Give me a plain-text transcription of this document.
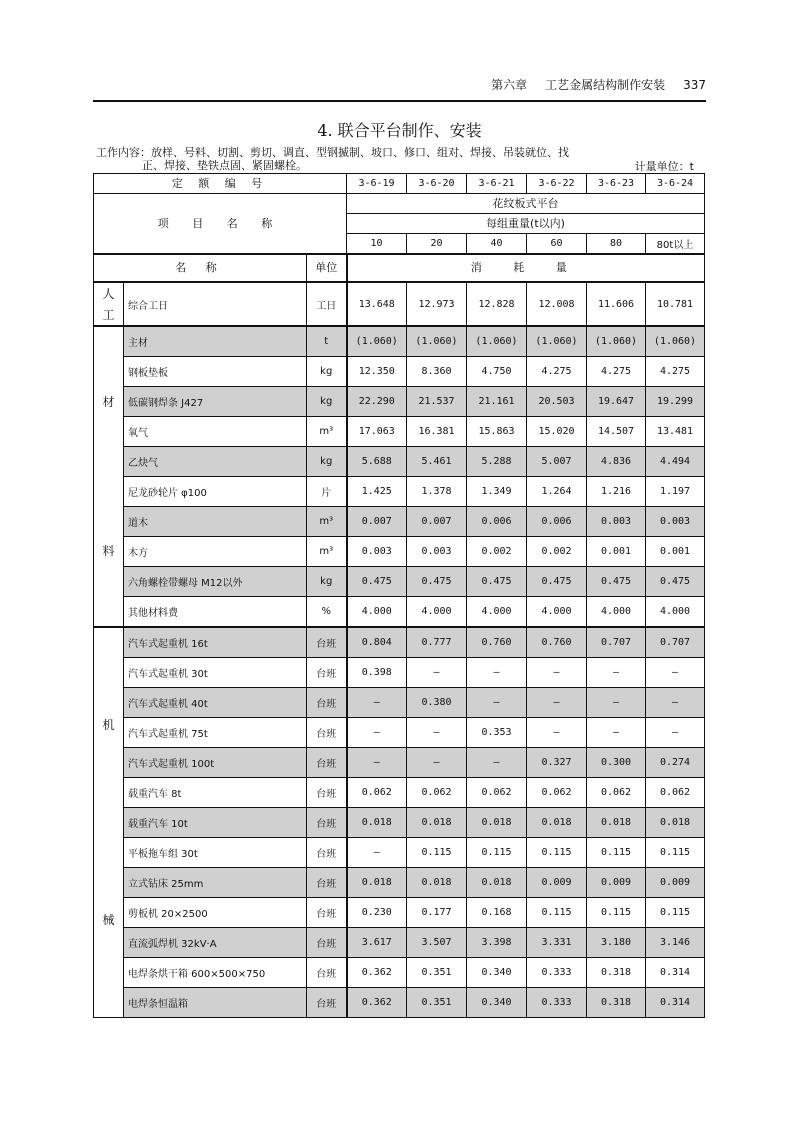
第六章 工艺金属结构制作安装 337
4. 联合平台制作、安装
工作内容：放样、号料、切割、剪切、调直、型钢揻制、坡口、修口、组对、焊接、吊装就位、找
正、焊接、垫铁点固、紧固螺栓。	计量单位：t
定 额 编 号			3-6-19	3-6-20	3-6-21	3-6-22	3-6-23	3-6-24
项 目 名 称			花纹板式平台					
			每组重量(t以内)					
			10	20	40	60	80	80t以上
名 称		单位	消 耗 量					

人
工	综合工日	工日	13.648	12.973	12.828	12.008	11.606	10.781

材
料	主材	t	(1.060)	(1.060)	(1.060)	(1.060)	(1.060)	(1.060)
	钢板垫板	kg	12.350	8.360	4.750	4.275	4.275	4.275
	低碳钢焊条 J427	kg	22.290	21.537	21.161	20.503	19.647	19.299
	氧气	m³	17.063	16.381	15.863	15.020	14.507	13.481
	乙炔气	kg	5.688	5.461	5.288	5.007	4.836	4.494
	尼龙砂轮片 φ100	片	1.425	1.378	1.349	1.264	1.216	1.197
	道木	m³	0.007	0.007	0.006	0.006	0.003	0.003
	木方	m³	0.003	0.003	0.002	0.002	0.001	0.001
	六角螺栓带螺母 M12以外	kg	0.475	0.475	0.475	0.475	0.475	0.475
	其他材料费	%	4.000	4.000	4.000	4.000	4.000	4.000

机
械	汽车式起重机 16t	台班	0.804	0.777	0.760	0.760	0.707	0.707
	汽车式起重机 30t	台班	0.398	—	—	—	—	—
	汽车式起重机 40t	台班	—	0.380	—	—	—	—
	汽车式起重机 75t	台班	—	—	0.353	—	—	—
	汽车式起重机 100t	台班	—	—	—	0.327	0.300	0.274
	载重汽车 8t	台班	0.062	0.062	0.062	0.062	0.062	0.062
	载重汽车 10t	台班	0.018	0.018	0.018	0.018	0.018	0.018
	平板拖车组 30t	台班	—	0.115	0.115	0.115	0.115	0.115
	立式钻床 25mm	台班	0.018	0.018	0.018	0.009	0.009	0.009
	剪板机 20×2500	台班	0.230	0.177	0.168	0.115	0.115	0.115
	直流弧焊机 32kV·A	台班	3.617	3.507	3.398	3.331	3.180	3.146
	电焊条烘干箱 600×500×750	台班	0.362	0.351	0.340	0.333	0.318	0.314
	电焊条恒温箱	台班	0.362	0.351	0.340	0.333	0.318	0.314
